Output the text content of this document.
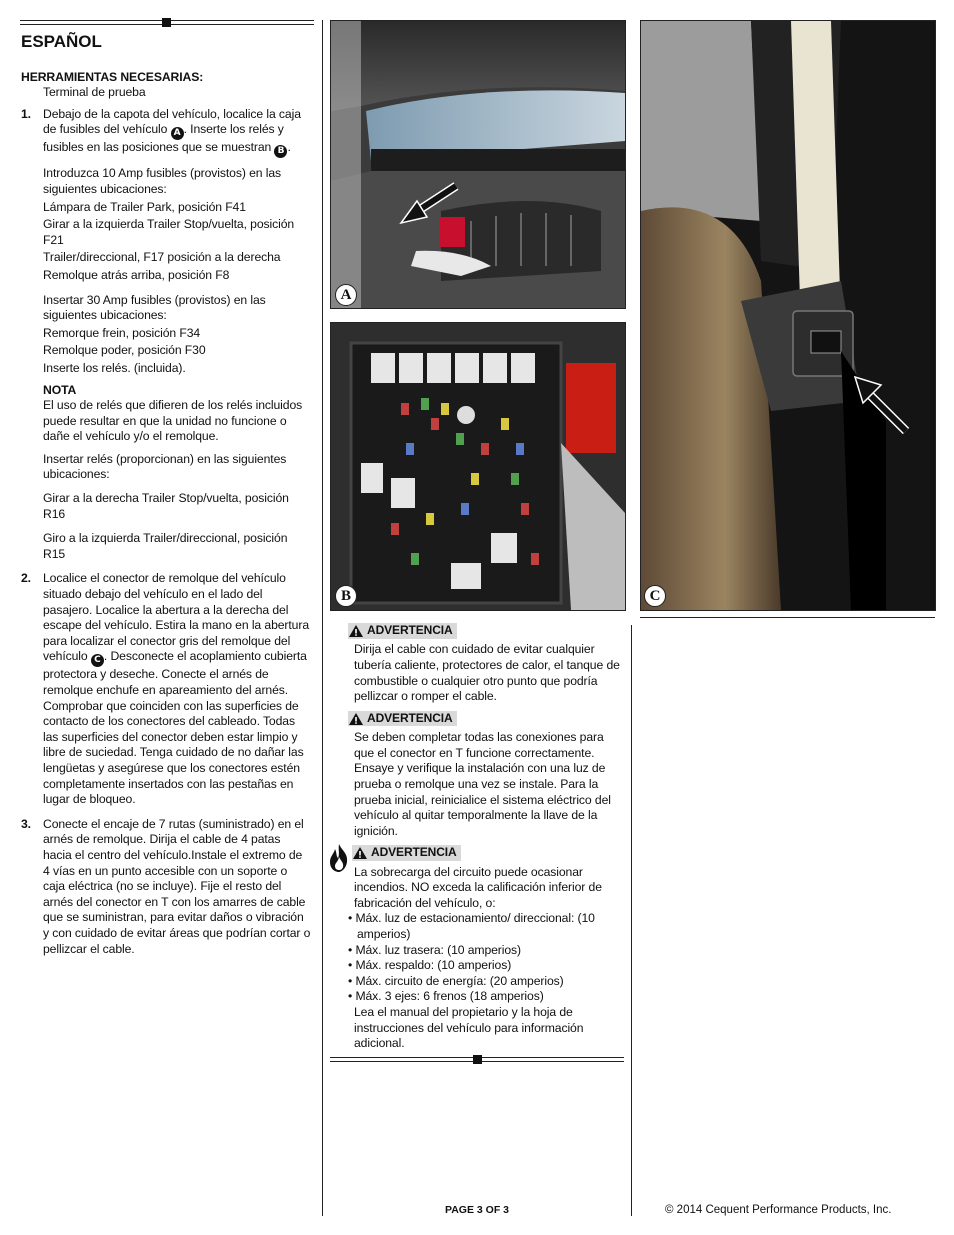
ESPAÑOL
HERRAMIENTAS NECESARIAS:
Terminal de prueba
1. Debajo de la capota del vehículo, localice la caja de fusibles del vehículo A . Inserte los relés y fusibles en las posiciones que se muestran B .
Introduzca 10 Amp fusibles (provistos) en las siguientes ubicaciones:
Lámpara de Trailer Park, posición F41
Girar a la izquierda Trailer Stop/vuelta, posición F21
Trailer/direccional, F17 posición a la derecha
Remolque atrás arriba, posición F8
Insertar 30 Amp fusibles (provistos) en las siguientes ubicaciones:
Remorque frein, posición F34
Remolque poder, posición F30
Inserte los relés. (incluida).
NOTA
El uso de relés que difieren de los relés incluidos puede resultar en que la unidad no funcione o dañe el vehículo y/o el remolque.
Insertar relés (proporcionan) en las siguientes ubicaciones:
Girar a la derecha Trailer Stop/vuelta, posición R16
Giro a la izquierda Trailer/direccional, posición R15
2. Localice el conector de remolque del vehículo situado debajo del vehículo en el lado del pasajero. Localice la abertura a la derecha del escape del vehículo. Estira la mano en la abertura para localizar el conector gris del remolque del vehículo C . Desconecte el acoplamiento cubierta protectora y deseche. Conecte el arnés de remolque enchufe en apareamiento del arnés. Comprobar que coinciden con las superficies de contacto de los conectores del cableado. Todas las superficies del conector deben estar limpio y libre de suciedad. Tenga cuidado de no dañar las lengüetas y asegúrese que los conectores estén completamente insertados con las pestañas en lugar de bloqueo.
3. Conecte el encaje de 7 rutas (suministrado) en el arnés de remolque. Dirija el cable de 4 patas hacia el centro del vehículo.Instale el extremo de 4 vías en un punto accesible con un soporte o caja eléctrica (no se incluye). Fije el resto del arnés del conector en T con los amarres de cable que se suministran, para evitar daños o vibración y con cuidado de evitar áreas que podrían cortar o pellizcar el cable.
A
B	C
ADVERTENCIA
Dirija el cable con cuidado de evitar cualquier tubería caliente, protectores de calor, el tanque de combustible o cualquier otro punto que podría pellizcar o romper el cable.
ADVERTENCIA
Se deben completar todas las conexiones para que el conector en T funcione correctamente. Ensaye y verifique la instalación con una luz de prueba o remolque una vez se instale. Para la prueba inicial, reinicialice el sistema eléctrico del vehículo al quitar temporalmente la llave de la ignición.
ADVERTENCIA
La sobrecarga del circuito puede ocasionar incendios. NO exceda la calificación inferior de fabricación del vehículo, o:
• Máx. luz de estacionamiento/ direccional: (10 amperios)
• Máx. luz trasera: (10 amperios)
• Máx. respaldo: (10 amperios)
• Máx. circuito de energía: (20 amperios)
• Máx. 3 ejes: 6 frenos (18 amperios)
Lea el manual del propietario y la hoja de instrucciones del vehículo para información adicional.
PAGE 3 OF 3	© 2014 Cequent Performance Products, Inc.
